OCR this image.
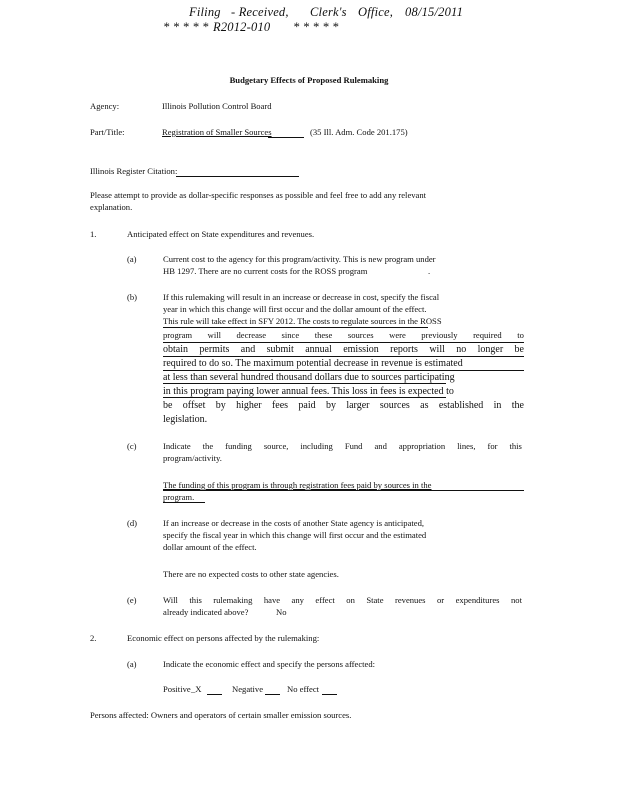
Filing - Received, Clerk's Office, 08/15/2011
* * * * * R2012-010 * * * * *
Budgetary Effects of Proposed Rulemaking
Agency:	Illinois Pollution Control Board
Part/Title:	Registration of Smaller Sources	(35 Ill. Adm. Code 201.175)
Illinois Register Citation:
Please attempt to provide as dollar-specific responses as possible and feel free to add any relevant
explanation.
1.	Anticipated effect on State expenditures and revenues.
(a)	Current cost to the agency for this program/activity. This is new program under
HB 1297. There are no current costs for the ROSS program	.
(b)	If this rulemaking will result in an increase or decrease in cost, specify the fiscal
year in which this change will first occur and the dollar amount of the effect.
This rule will take effect in SFY 2012. The costs to regulate sources in the ROSS
program will decrease since these sources were previously required to
obtain permits and submit annual emission reports will no longer be
required to do so. The maximum potential decrease in revenue is estimated
at less than several hundred thousand dollars due to sources participating
in this program paying lower annual fees. This loss in fees is expected to
be offset by higher fees paid by larger sources as established in the
legislation.
(c)	Indicate the funding source, including Fund and appropriation lines, for this
program/activity.
The funding of this program is through registration fees paid by sources in the
program.
(d)	If an increase or decrease in the costs of another State agency is anticipated,
specify the fiscal year in which this change will first occur and the estimated
dollar amount of the effect.
There are no expected costs to other state agencies.
(e)	Will this rulemaking have any effect on State revenues or expenditures not
already indicated above?	No
2.	Economic effect on persons affected by the rulemaking:
(a)	Indicate the economic effect and specify the persons affected:
Positive _X	Negative	No effect
Persons affected: Owners and operators of certain smaller emission sources.
